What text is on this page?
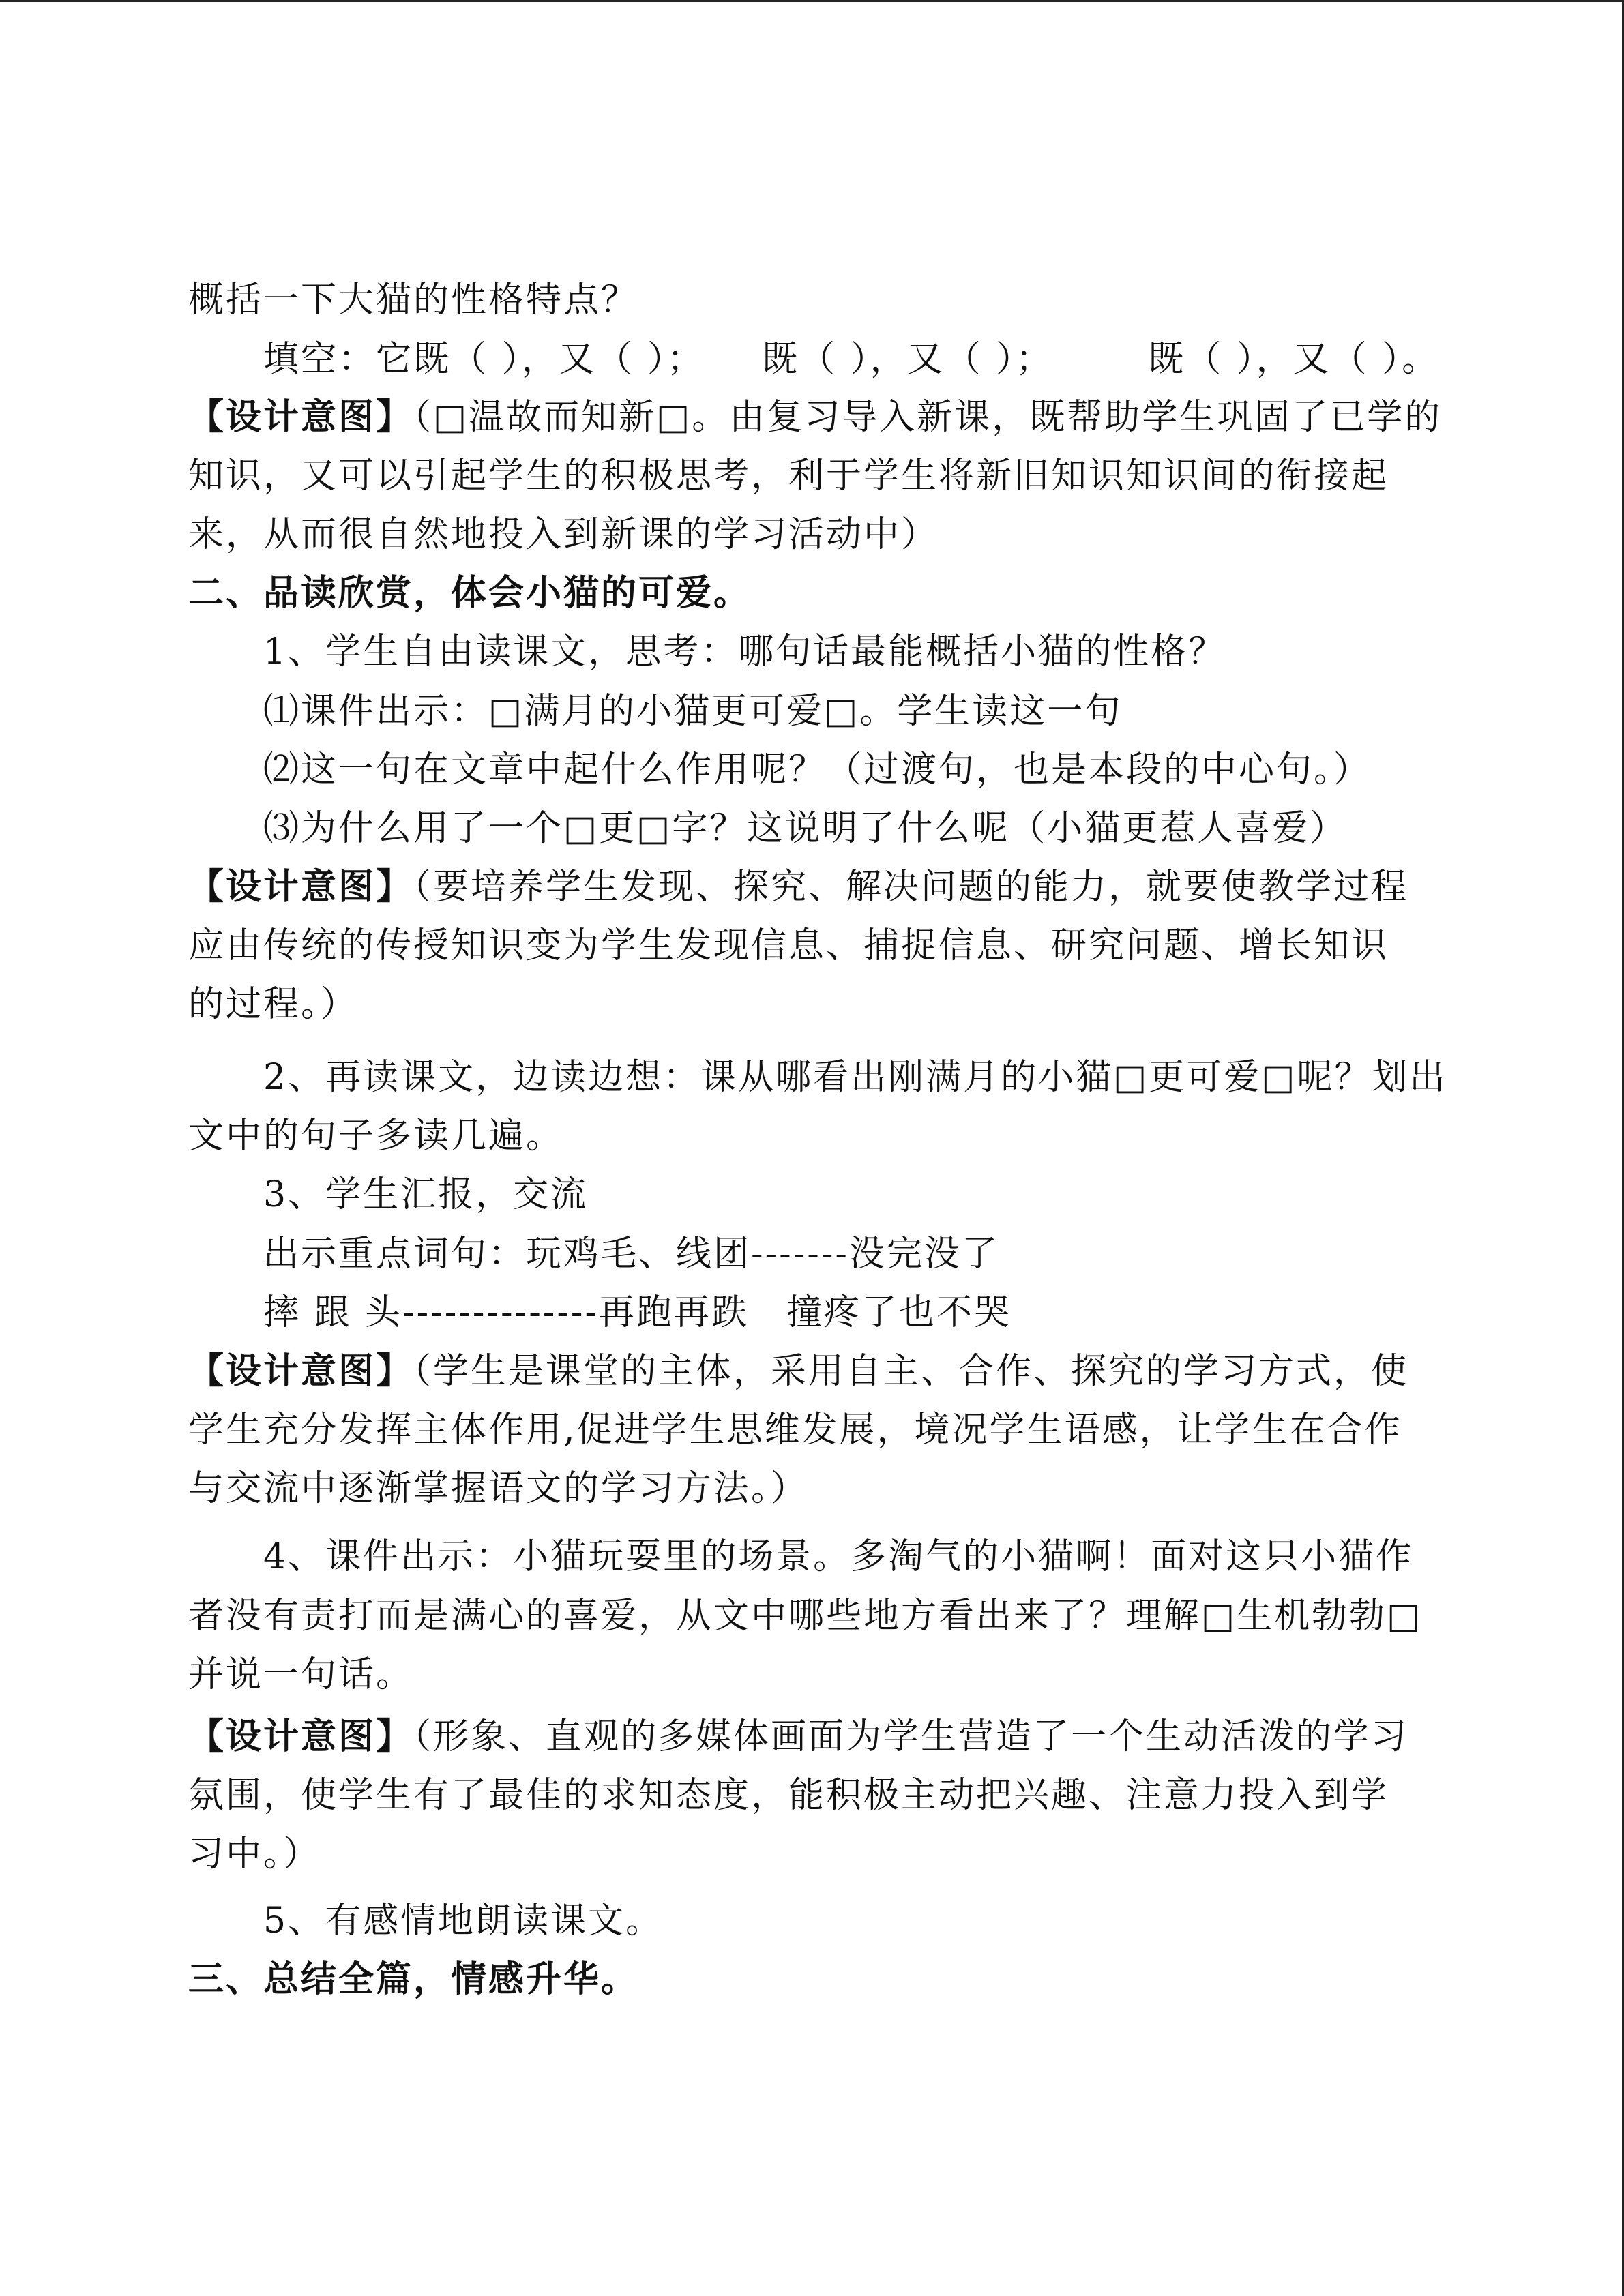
概括一下大猫的性格特点？
填空：它既（ ），又（ ）；　　既（ ），又（ ）；　　　既（ ），又（ ）。
【设计意图】（□温故而知新□。由复习导入新课，既帮助学生巩固了已学的
知识，又可以引起学生的积极思考，利于学生将新旧知识知识间的衔接起
来，从而很自然地投入到新课的学习活动中）
二、品读欣赏，体会小猫的可爱。
1、学生自由读课文，思考：哪句话最能概括小猫的性格？
⑴课件出示：□满月的小猫更可爱□。学生读这一句
⑵这一句在文章中起什么作用呢？（过渡句，也是本段的中心句。）
⑶为什么用了一个□更□字？这说明了什么呢（小猫更惹人喜爱）
【设计意图】（要培养学生发现、探究、解决问题的能力，就要使教学过程
应由传统的传授知识变为学生发现信息、捕捉信息、研究问题、增长知识
的过程。）
2、再读课文，边读边想：课从哪看出刚满月的小猫□更可爱□呢？划出
文中的句子多读几遍。
3、学生汇报，交流
出示重点词句：玩鸡毛、线团-------没完没了
摔 跟 头--------------再跑再跌　撞疼了也不哭
【设计意图】（学生是课堂的主体，采用自主、合作、探究的学习方式，使
学生充分发挥主体作用,促进学生思维发展，境况学生语感，让学生在合作
与交流中逐渐掌握语文的学习方法。）
4、课件出示：小猫玩耍里的场景。多淘气的小猫啊！面对这只小猫作
者没有责打而是满心的喜爱，从文中哪些地方看出来了？理解□生机勃勃□
并说一句话。
【设计意图】（形象、直观的多媒体画面为学生营造了一个生动活泼的学习
氛围，使学生有了最佳的求知态度，能积极主动把兴趣、注意力投入到学
习中。）
5、有感情地朗读课文。
三、总结全篇，情感升华。
